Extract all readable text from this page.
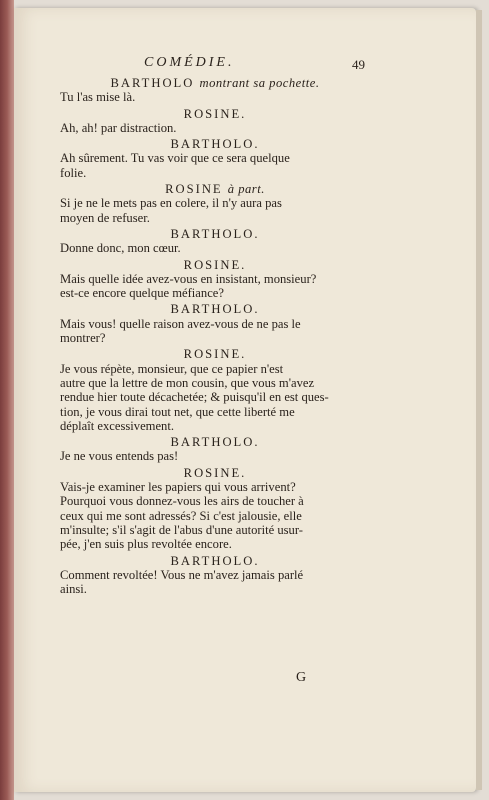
COMÉDIE.	49
BARTHOLO montrant sa pochette.
Tu l'as mise là.
ROSINE.
Ah, ah! par distraction.
BARTHOLO.
Ah sûrement. Tu vas voir que ce sera quelque
folie.
ROSINE à part.
Si je ne le mets pas en colere, il n'y aura pas
moyen de refuser.
BARTHOLO.
Donne donc, mon cœur.
ROSINE.
Mais quelle idée avez-vous en insistant, monsieur?
est-ce encore quelque méfiance?
BARTHOLO.
Mais vous! quelle raison avez-vous de ne pas le
montrer?
ROSINE.
Je vous répète, monsieur, que ce papier n'est
autre que la lettre de mon cousin, que vous m'avez
rendue hier toute décachetée; & puisqu'il en est ques-
tion, je vous dirai tout net, que cette liberté me
déplaît excessivement.
BARTHOLO.
Je ne vous entends pas!
ROSINE.
Vais-je examiner les papiers qui vous arrivent?
Pourquoi vous donnez-vous les airs de toucher à
ceux qui me sont adressés? Si c'est jalousie, elle
m'insulte; s'il s'agit de l'abus d'une autorité usur-
pée, j'en suis plus revoltée encore.
BARTHOLO.
Comment revoltée! Vous ne m'avez jamais parlé
ainsi.
G
